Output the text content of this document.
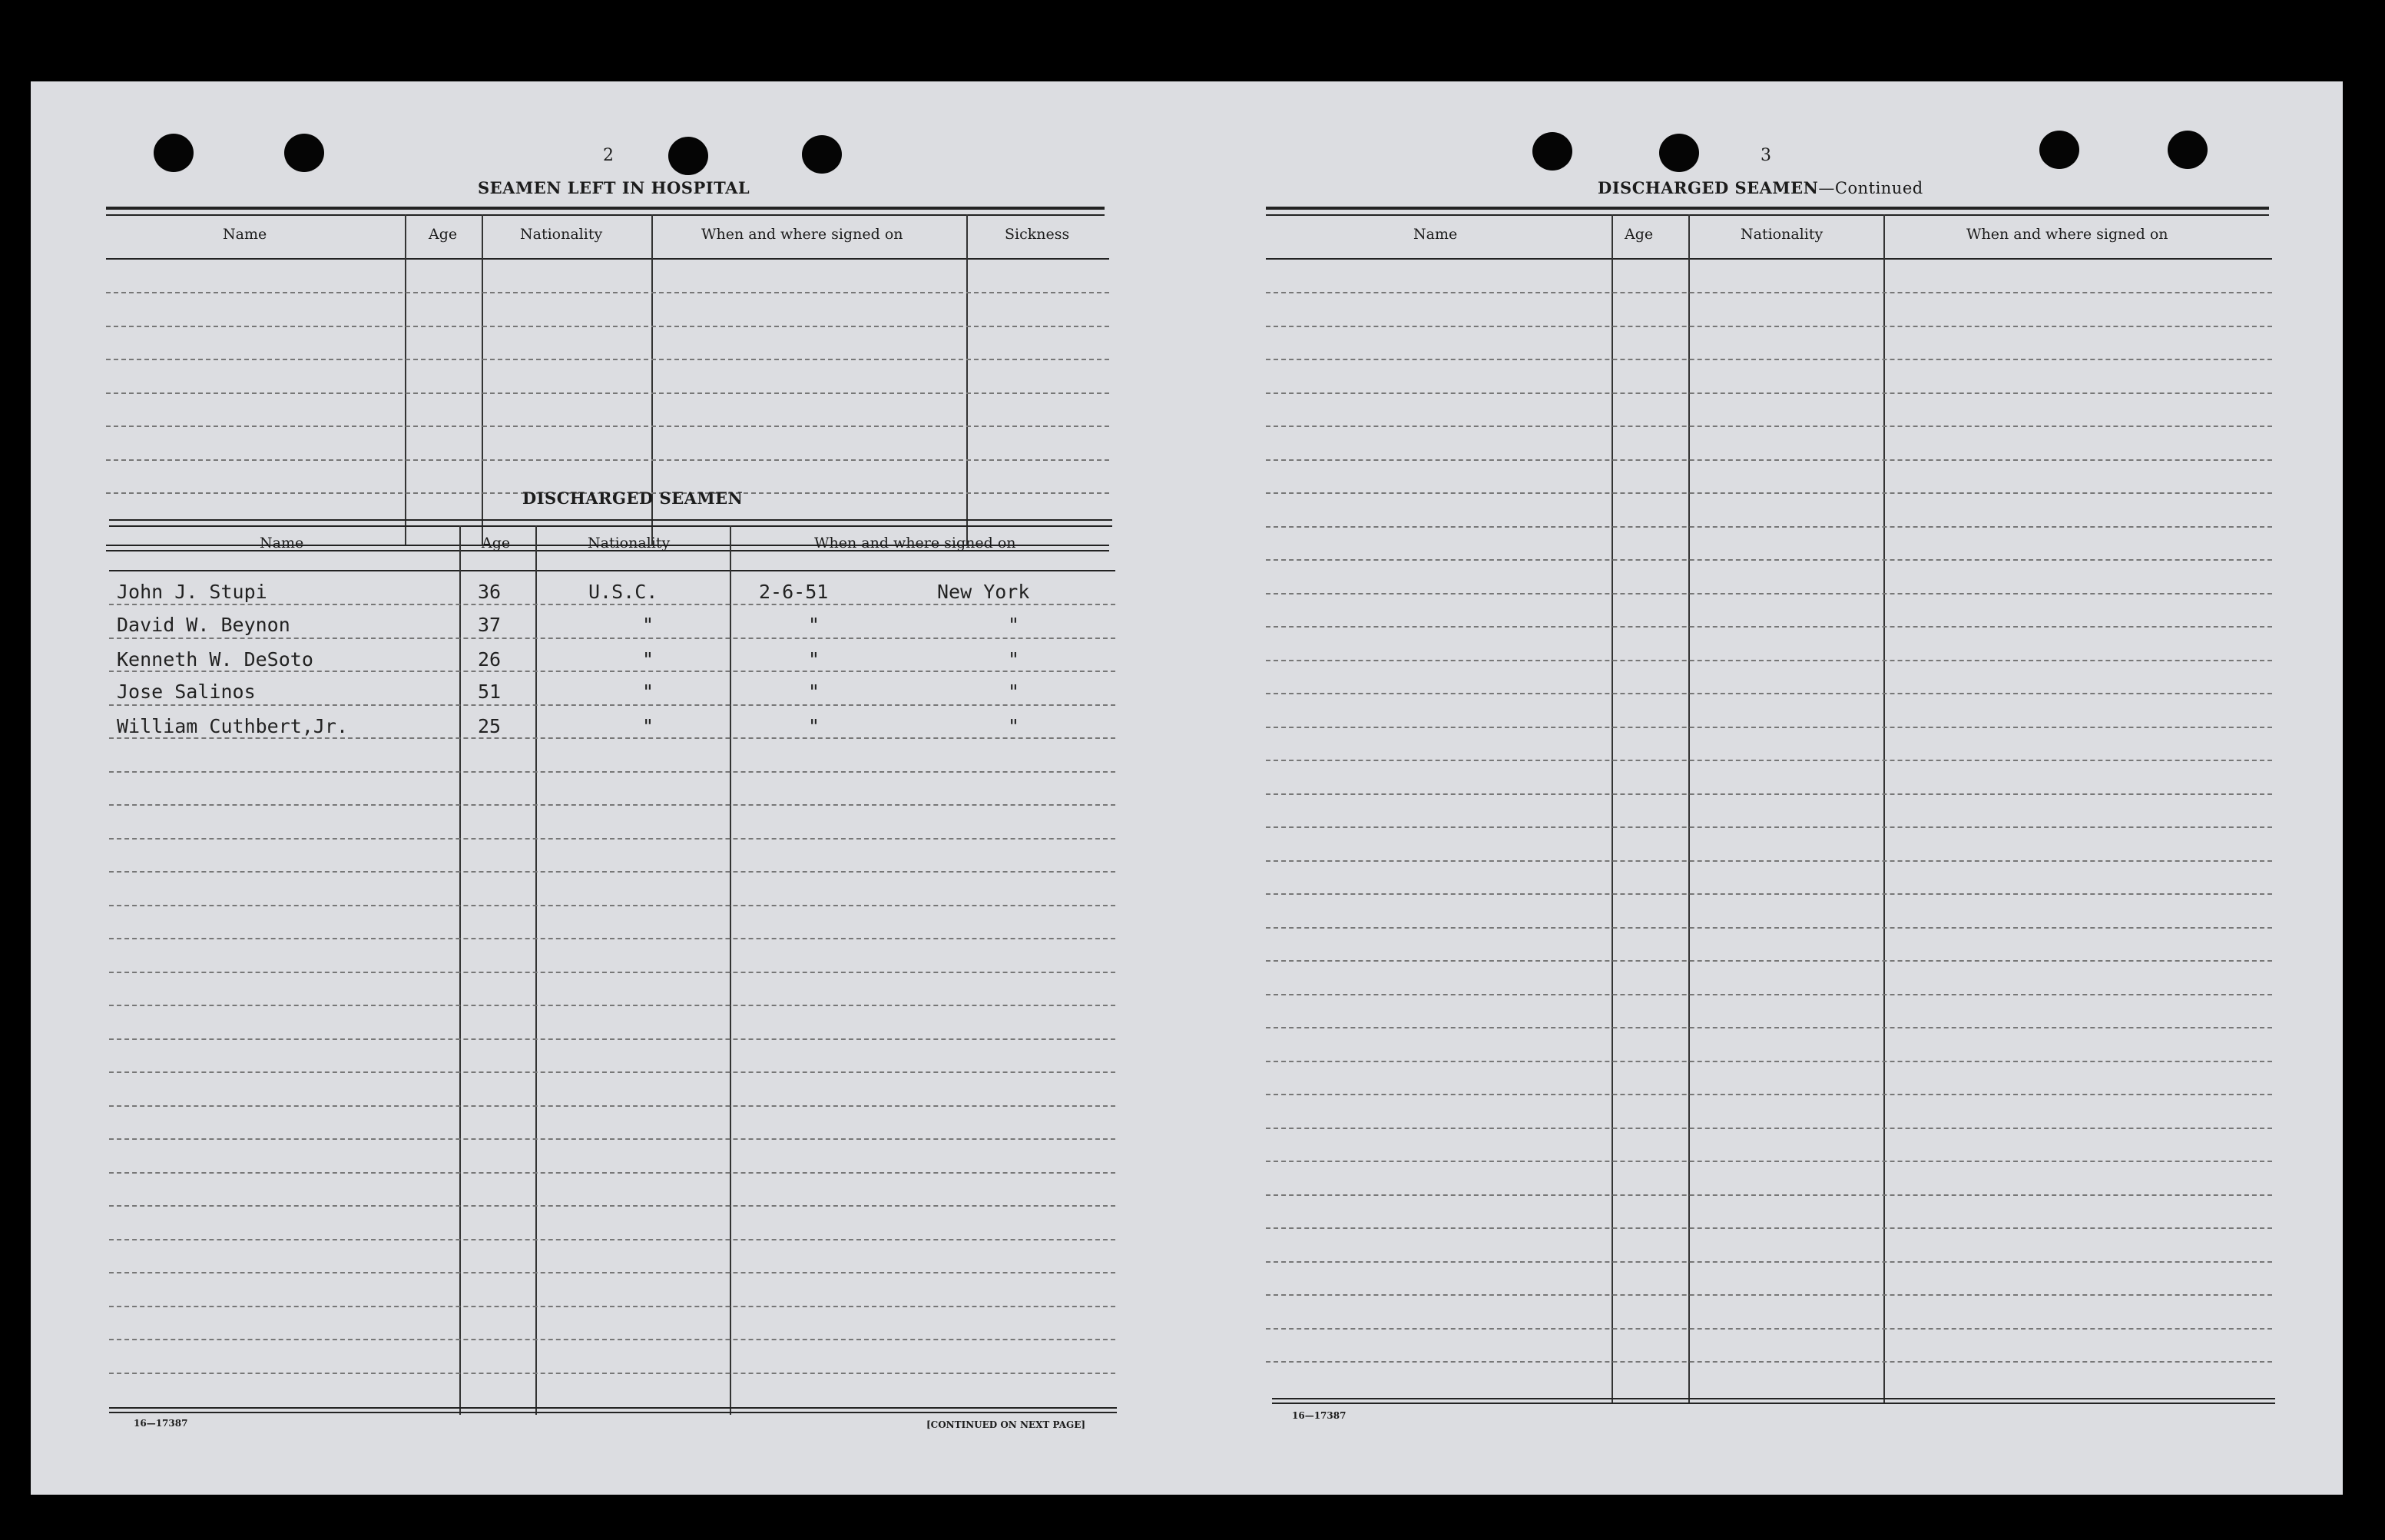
2
SEAMEN LEFT IN HOSPITAL
Name	Age	Nationality	When and where signed on	Sickness
DISCHARGED SEAMEN
Name	Age	Nationality	When and where signed on
John J. Stupi	36	U.S.C.	2-6-51	New York
David W. Beynon	37	"	"	"
Kenneth W. DeSoto	26	"	"	"
Jose Salinos	51	"	"	"
William Cuthbert,Jr.	25	"	"	"
16—1⁠7387	[CONTINUED ON NEXT PAGE]
3
DISCHARGED SEAMEN—Continued
Name	Age	Nationality	When and where signed on
16—17387
